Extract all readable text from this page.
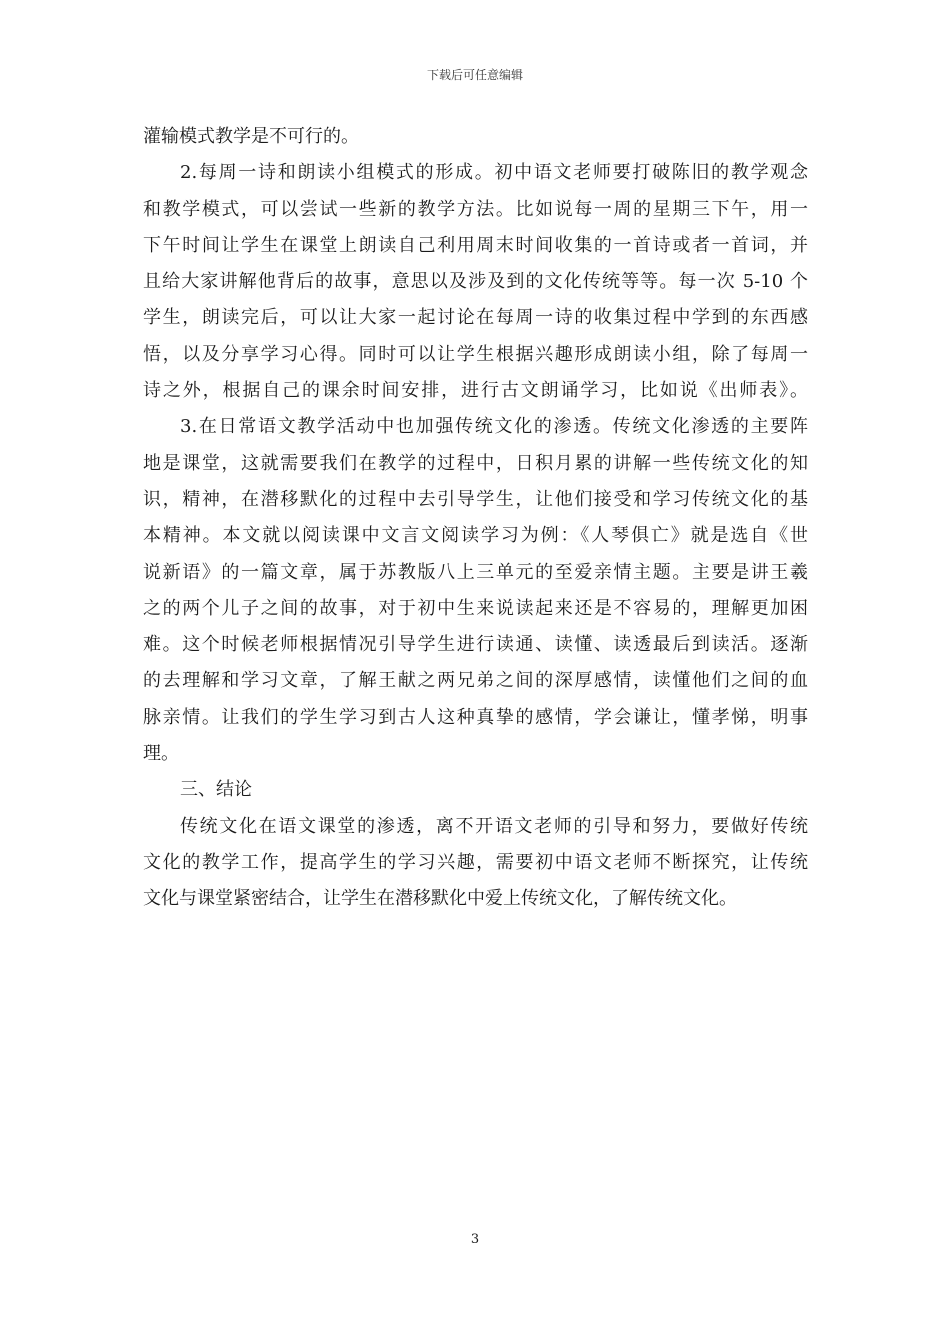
下载后可任意编辑
灌输模式教学是不可行的。
2.每周一诗和朗读小组模式的形成。初中语文老师要打破陈旧的教学观念
和教学模式，可以尝试一些新的教学方法。比如说每一周的星期三下午，用一
下午时间让学生在课堂上朗读自己利用周末时间收集的一首诗或者一首词，并
且给大家讲解他背后的故事，意思以及涉及到的文化传统等等。每一次 5-10 个
学生，朗读完后，可以让大家一起讨论在每周一诗的收集过程中学到的东西感
悟，以及分享学习心得。同时可以让学生根据兴趣形成朗读小组，除了每周一
诗之外，根据自己的课余时间安排，进行古文朗诵学习，比如说《出师表》。
3.在日常语文教学活动中也加强传统文化的渗透。传统文化渗透的主要阵
地是课堂，这就需要我们在教学的过程中，日积月累的讲解一些传统文化的知
识，精神，在潜移默化的过程中去引导学生，让他们接受和学习传统文化的基
本精神。本文就以阅读课中文言文阅读学习为例：《人琴俱亡》就是选自《世
说新语》的一篇文章，属于苏教版八上三单元的至爱亲情主题。主要是讲王羲
之的两个儿子之间的故事，对于初中生来说读起来还是不容易的，理解更加困
难。这个时候老师根据情况引导学生进行读通、读懂、读透最后到读活。逐渐
的去理解和学习文章，了解王献之两兄弟之间的深厚感情，读懂他们之间的血
脉亲情。让我们的学生学习到古人这种真挚的感情，学会谦让，懂孝悌，明事
理。
三、结论
传统文化在语文课堂的渗透，离不开语文老师的引导和努力，要做好传统
文化的教学工作，提高学生的学习兴趣，需要初中语文老师不断探究，让传统
文化与课堂紧密结合，让学生在潜移默化中爱上传统文化，了解传统文化。
3
